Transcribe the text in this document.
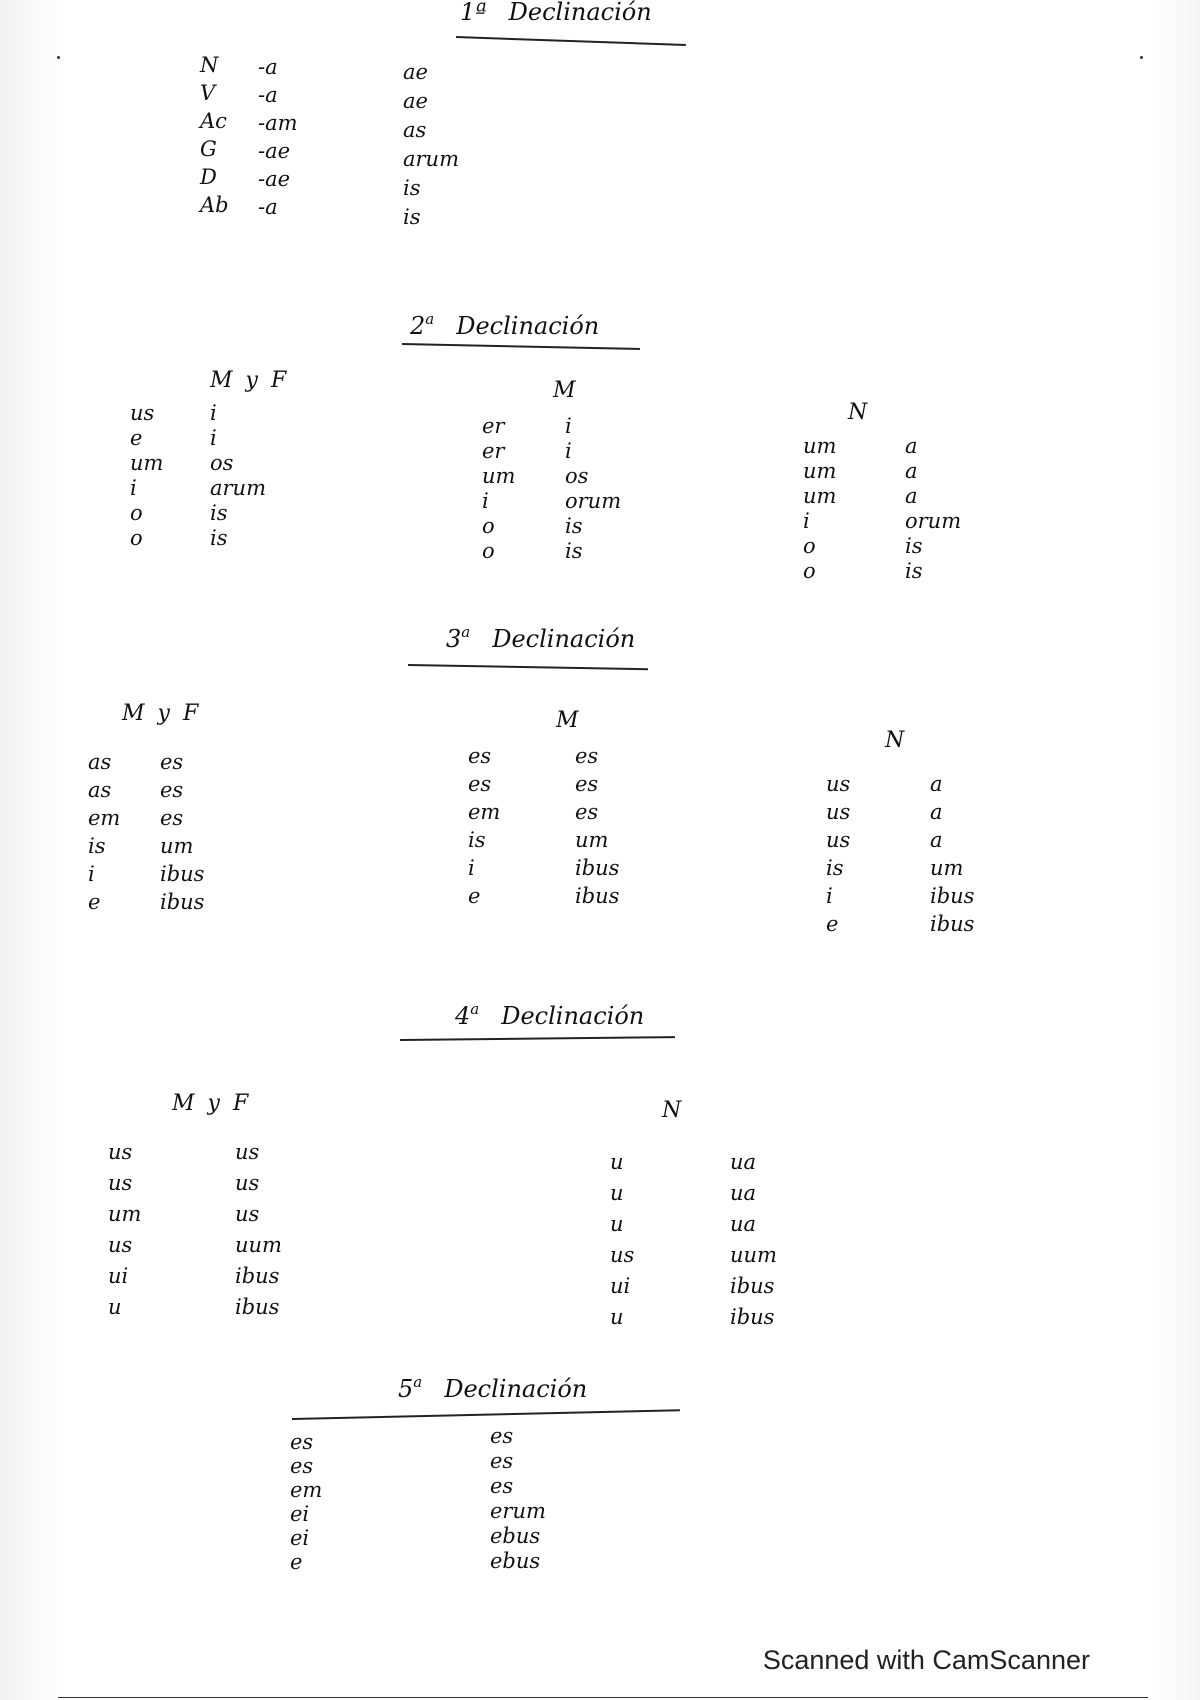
1ª Declinación
N
V
Ac
G
D
Ab
-a
-a
-am
-ae
-ae
-a
ae
ae
as
arum
is
is
2$^a$ Declinación
M y F
us
e
um
i
o
o
i
i
os
arum
is
is
M
er
er
um
i
o
o
i
i
os
orum
is
is
N
um
um
um
i
o
o
a
a
a
orum
is
is
3$^a$ Declinación
M y F
as
as
em
is
i
e
es
es
es
um
ibus
ibus
M
es
es
em
is
i
e
es
es
es
um
ibus
ibus
N
us
us
us
is
i
e
a
a
a
um
ibus
ibus
4$^a$ Declinación
M y F
us
us
um
us
ui
u
us
us
us
uum
ibus
ibus
N
u
u
u
us
ui
u
ua
ua
ua
uum
ibus
ibus
5$^a$ Declinación
es
es
em
ei
ei
e
es
es
es
erum
ebus
ebus
Scanned with CamScanner
